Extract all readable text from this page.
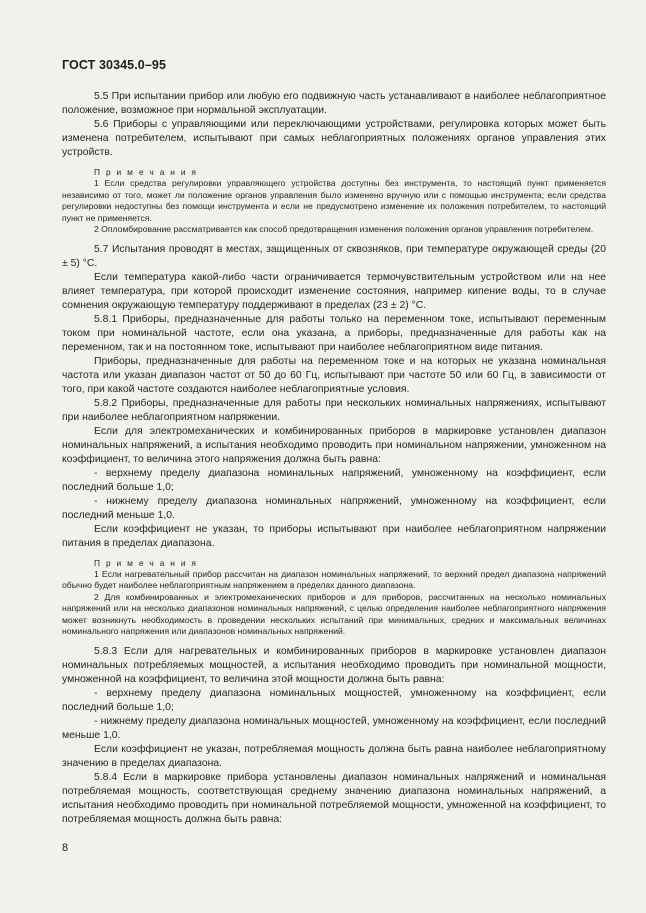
ГОСТ 30345.0–95

5.5 При испытании прибор или любую его подвижную часть устанавливают в наиболее неблагоприятное положение, возможное при нормальной эксплуатации.

5.6 Приборы с управляющими или переключающими устройствами, регулировка которых может быть изменена потребителем, испытывают при самых неблагоприятных положениях органов управления этих устройств.

П р и м е ч а н и я

1 Если средства регулировки управляющего устройства доступны без инструмента, то настоящий пункт применяется независимо от того, может ли положение органов управления было изменено вручную или с помощью инструмента; если средства регулировки недоступны без помощи инструмента и если не предусмотрено изменение их положения потребителем, то настоящий пункт не применяется.

2 Опломбирование рассматривается как способ предотвращения изменения положения органов управления потребителем.

5.7 Испытания проводят в местах, защищенных от сквозняков, при температуре окружающей среды (20 ± 5) °C.

Если температура какой-либо части ограничивается термочувствительным устройством или на нее влияет температура, при которой происходит изменение состояния, например кипение воды, то в случае сомнения окружающую температуру поддерживают в пределах (23 ± 2) °C.

5.8.1 Приборы, предназначенные для работы только на переменном токе, испытывают переменным током при номинальной частоте, если она указана, а приборы, предназначенные для работы как на переменном, так и на постоянном токе, испытывают при наиболее неблагоприятном виде питания.

Приборы, предназначенные для работы на переменном токе и на которых не указана номинальная частота или указан диапазон частот от 50 до 60 Гц, испытывают при частоте 50 или 60 Гц, в зависимости от того, при какой частоте создаются наиболее неблагоприятные условия.

5.8.2 Приборы, предназначенные для работы при нескольких номинальных напряжениях, испытывают при наиболее неблагоприятном напряжении.

Если для электромеханических и комбинированных приборов в маркировке установлен диапазон номинальных напряжений, а испытания необходимо проводить при номинальном напряжении, умноженном на коэффициент, то величина этого напряжения должна быть равна:

- верхнему пределу диапазона номинальных напряжений, умноженному на коэффициент, если последний больше 1,0;

- нижнему пределу диапазона номинальных напряжений, умноженному на коэффициент, если последний меньше 1,0.

Если коэффициент не указан, то приборы испытывают при наиболее неблагоприятном напряжении питания в пределах диапазона.

П р и м е ч а н и я

1 Если нагревательный прибор рассчитан на диапазон номинальных напряжений, то верхний предел диапазона напряжений обычно будет наиболее неблагоприятным напряжением в пределах данного диапазона.

2 Для комбинированных и электромеханических приборов и для приборов, рассчитанных на несколько номинальных напряжений или на несколько диапазонов номинальных напряжений, с целью определения наиболее неблагоприятного напряжения может возникнуть необходимость в проведении нескольких испытаний при минимальных, средних и максимальных величинах номинального напряжения или диапазонов номинальных напряжений.

5.8.3 Если для нагревательных и комбинированных приборов в маркировке установлен диапазон номинальных потребляемых мощностей, а испытания необходимо проводить при номинальной мощности, умноженной на коэффициент, то величина этой мощности должна быть равна:

- верхнему пределу диапазона номинальных мощностей, умноженному на коэффициент, если последний больше 1,0;

- нижнему пределу диапазона номинальных мощностей, умноженному на коэффициент, если последний меньше 1,0.

Если коэффициент не указан, потребляемая мощность должна быть равна наиболее неблагоприятному значению в пределах диапазона.

5.8.4 Если в маркировке прибора установлены диапазон номинальных напряжений и номинальная потребляемая мощность, соответствующая среднему значению диапазона номинальных напряжений, а испытания необходимо проводить при номинальной потребляемой мощности, умноженной на коэффициент, то потребляемая мощность должна быть равна:

8
